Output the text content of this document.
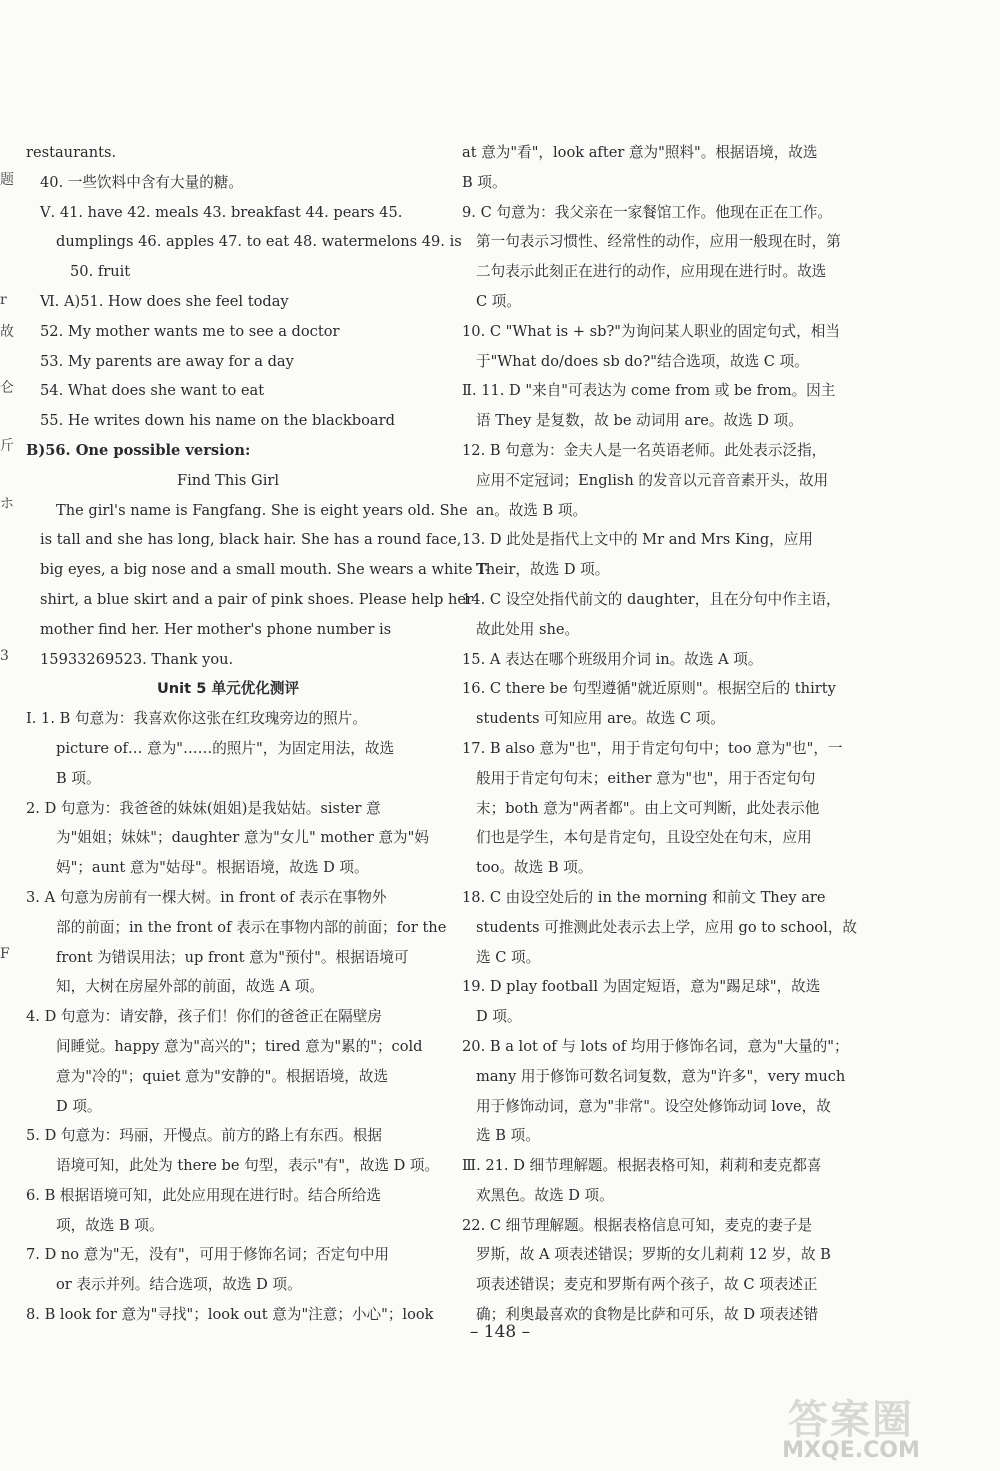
题
r
故
仑
斤
ホ
3
F
restaurants.
40. 一些饮料中含有大量的糖。
Ⅴ. 41. have 42. meals 43. breakfast 44. pears 45.
dumplings 46. apples 47. to eat 48. watermelons 49. is
50. fruit
Ⅵ. A)51. How does she feel today
52. My mother wants me to see a doctor
53. My parents are away for a day
54. What does she want to eat
55. He writes down his name on the blackboard
B)56. One possible version:
Find This Girl
The girl's name is Fangfang. She is eight years old. She
is tall and she has long, black hair. She has a round face,
big eyes, a big nose and a small mouth. She wears a white T-
shirt, a blue skirt and a pair of pink shoes. Please help her
mother find her. Her mother's phone number is
15933269523. Thank you.
Unit 5 单元优化测评
Ⅰ. 1. B 句意为：我喜欢你这张在红玫瑰旁边的照片。
picture of… 意为"……的照片"，为固定用法，故选
B 项。
2. D 句意为：我爸爸的妹妹(姐姐)是我姑姑。sister 意
为"姐姐；妹妹"；daughter 意为"女儿" mother 意为"妈
妈"；aunt 意为"姑母"。根据语境，故选 D 项。
3. A 句意为房前有一棵大树。in front of 表示在事物外
部的前面；in the front of 表示在事物内部的前面；for the
front 为错误用法；up front 意为"预付"。根据语境可
知，大树在房屋外部的前面，故选 A 项。
4. D 句意为：请安静，孩子们！你们的爸爸正在隔壁房
间睡觉。happy 意为"高兴的"；tired 意为"累的"；cold
意为"冷的"；quiet 意为"安静的"。根据语境，故选
D 项。
5. D 句意为：玛丽，开慢点。前方的路上有东西。根据
语境可知，此处为 there be 句型，表示"有"，故选 D 项。
6. B 根据语境可知，此处应用现在进行时。结合所给选
项，故选 B 项。
7. D no 意为"无，没有"，可用于修饰名词；否定句中用
or 表示并列。结合选项，故选 D 项。
8. B look for 意为"寻找"；look out 意为"注意；小心"；look
at 意为"看"，look after 意为"照料"。根据语境，故选
B 项。
9. C 句意为：我父亲在一家餐馆工作。他现在正在工作。
第一句表示习惯性、经常性的动作，应用一般现在时，第
二句表示此刻正在进行的动作，应用现在进行时。故选
C 项。
10. C "What is + sb?"为询问某人职业的固定句式，相当
于"What do/does sb do?"结合选项，故选 C 项。
Ⅱ. 11. D "来自"可表达为 come from 或 be from。因主
语 They 是复数，故 be 动词用 are。故选 D 项。
12. B 句意为：金夫人是一名英语老师。此处表示泛指，
应用不定冠词；English 的发音以元音音素开头，故用
an。故选 B 项。
13. D 此处是指代上文中的 Mr and Mrs King，应用
Their，故选 D 项。
14. C 设空处指代前文的 daughter，且在分句中作主语，
故此处用 she。
15. A 表达在哪个班级用介词 in。故选 A 项。
16. C there be 句型遵循"就近原则"。根据空后的 thirty
students 可知应用 are。故选 C 项。
17. B also 意为"也"，用于肯定句句中；too 意为"也"，一
般用于肯定句句末；either 意为"也"，用于否定句句
末；both 意为"两者都"。由上文可判断，此处表示他
们也是学生，本句是肯定句，且设空处在句末，应用
too。故选 B 项。
18. C 由设空处后的 in the morning 和前文 They are
students 可推测此处表示去上学，应用 go to school，故
选 C 项。
19. D play football 为固定短语，意为"踢足球"，故选
D 项。
20. B a lot of 与 lots of 均用于修饰名词，意为"大量的"；
many 用于修饰可数名词复数，意为"许多"，very much
用于修饰动词，意为"非常"。设空处修饰动词 love，故
选 B 项。
Ⅲ. 21. D 细节理解题。根据表格可知，莉莉和麦克都喜
欢黑色。故选 D 项。
22. C 细节理解题。根据表格信息可知，麦克的妻子是
罗斯，故 A 项表述错误；罗斯的女儿莉莉 12 岁，故 B
项表述错误；麦克和罗斯有两个孩子，故 C 项表述正
确；利奥最喜欢的食物是比萨和可乐，故 D 项表述错
– 148 –
答案圈
MXQE.COM
